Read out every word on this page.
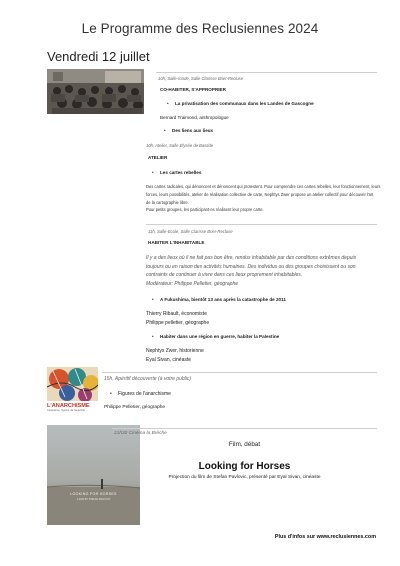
Le Programme des Reclusiennes 2024
Vendredi 12 juillet
10h, Salle-ronde, Salle Clarisse Brier-Recluse
CO-HABITER, S'APPROPRIER
• La privatisation des communaux dans les Landes de Gascogne
Bernard Traimond, anthropologue
• Des liens aux lieux
10h, Atelier, Salle Élysée de Bastide
ATELIER
• Les cartes rebelles
Des cartes radicales, qui dénoncent et dénoncent qui protestent. Pour comprendre ces cartes rebelles, leur fonctionnement, leurs
forces, leurs possibilités, atelier de réalisation collective de carte, Nephtys Zwer propose un atelier collectif pour découvrir l'art
de la cartographie libre.
Pour petits groupes, les participant·es réalisent leur propre carte.
11h, Salle-Ecole, Salle Clarisse Brier-Recluse
HABITER L'INHABITABLE
Il y a des lieux où il ne fait pas bon être, rendus inhabitable par des conditions extrêmes depuis
toujours ou en raison des activités humaines. Des individus ou des groupes choisissent ou son
contraints de continuer à vivre dans ces lieux proprement inhabitables.
Modérateur: Philippe Pelletier, géographe
• A Fukushima, bientôt 13 ans après la catastrophe de 2011
Thierry Ribault, économiste
Philippe pelletier, géographe
• Habiter dans une région en guerre, habiter la Palestine
Nephtys Zwer, historienne
Eyal Sivan, cinéaste
L'ANARCHISME
Caractères, figures, de l'anarchie
15h, Apéritif découverte (à votre public)
• Figures de l'anarchisme
Philippe Pelletier, géographe
LOOKING FOR HORSES
A FILM BY STEFAN PAVLOVIĆ
21h30 Cinéma la Brèche
Film, débat
Looking for Horses
Projection du film de Stefan Pavlovic, présenté par Eyal Sivan, cinéaste
Plus d'infos sur www.reclusiennes.com
